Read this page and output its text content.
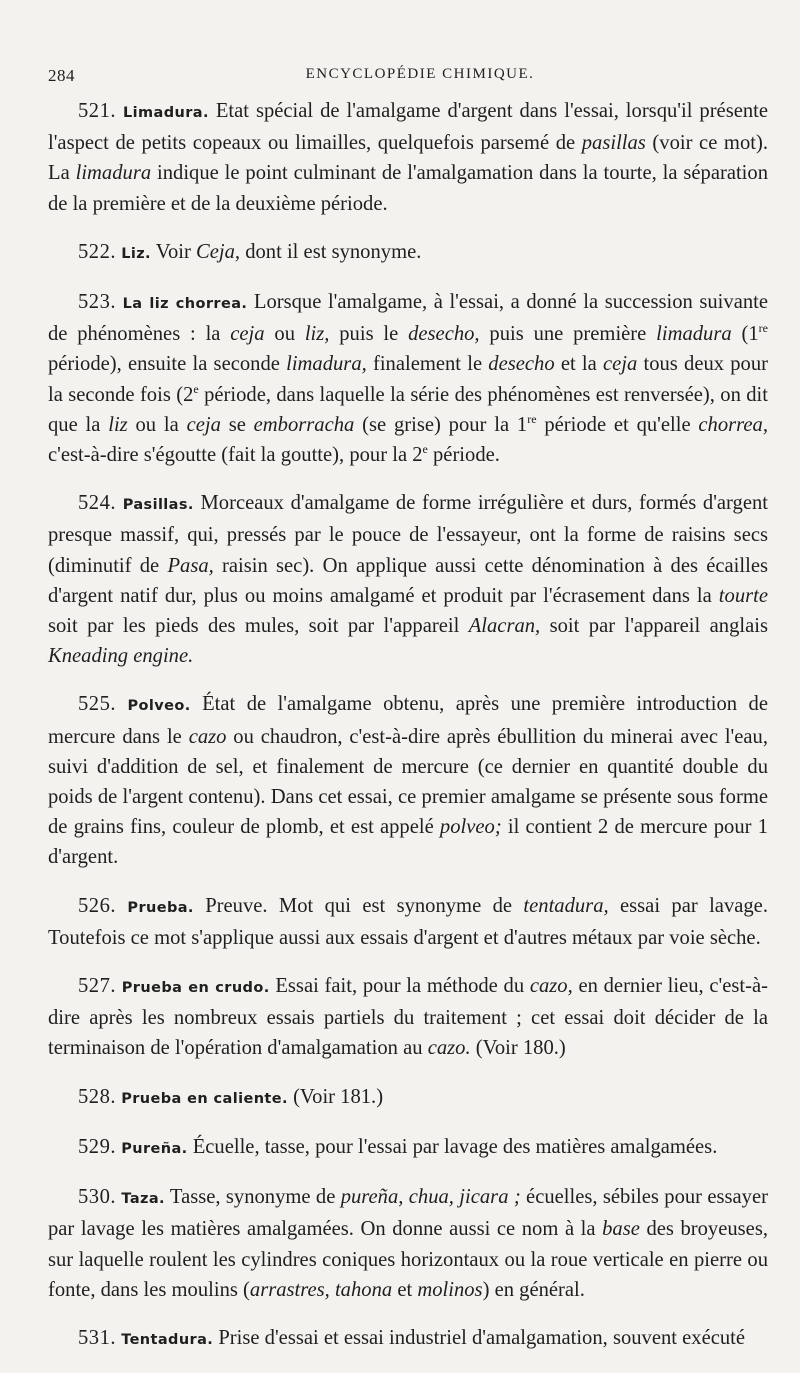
284	ENCYCLOPÉDIE CHIMIQUE.

521. Limadura. Etat spécial de l'amalgame d'argent dans l'essai, lorsqu'il présente l'aspect de petits copeaux ou limailles, quelquefois parsemé de pasillas (voir ce mot). La limadura indique le point culminant de l'amalgamation dans la tourte, la séparation de la première et de la deuxième période.

522. Liz. Voir Ceja, dont il est synonyme.

523. La liz chorrea. Lorsque l'amalgame, à l'essai, a donné la succession suivante de phénomènes : la ceja ou liz, puis le desecho, puis une première limadura (1re période), ensuite la seconde limadura, finalement le desecho et la ceja tous deux pour la seconde fois (2e période, dans laquelle la série des phénomènes est renversée), on dit que la liz ou la ceja se emborracha (se grise) pour la 1re période et qu'elle chorrea, c'est-à-dire s'égoutte (fait la goutte), pour la 2e période.

524. Pasillas. Morceaux d'amalgame de forme irrégulière et durs, formés d'argent presque massif, qui, pressés par le pouce de l'essayeur, ont la forme de raisins secs (diminutif de Pasa, raisin sec). On applique aussi cette dénomination à des écailles d'argent natif dur, plus ou moins amalgamé et produit par l'écrasement dans la tourte soit par les pieds des mules, soit par l'appareil Alacran, soit par l'appareil anglais Kneading engine.

525. Polveo. État de l'amalgame obtenu, après une première introduction de mercure dans le cazo ou chaudron, c'est-à-dire après ébullition du minerai avec l'eau, suivi d'addition de sel, et finalement de mercure (ce dernier en quantité double du poids de l'argent contenu). Dans cet essai, ce premier amalgame se présente sous forme de grains fins, couleur de plomb, et est appelé polveo; il contient 2 de mercure pour 1 d'argent.

526. Prueba. Preuve. Mot qui est synonyme de tentadura, essai par lavage. Toutefois ce mot s'applique aussi aux essais d'argent et d'autres métaux par voie sèche.

527. Prueba en crudo. Essai fait, pour la méthode du cazo, en dernier lieu, c'est-à-dire après les nombreux essais partiels du traitement ; cet essai doit décider de la terminaison de l'opération d'amalgamation au cazo. (Voir 180.)

528. Prueba en caliente. (Voir 181.)

529. Pureña. Écuelle, tasse, pour l'essai par lavage des matières amalgamées.

530. Taza. Tasse, synonyme de pureña, chua, jicara ; écuelles, sébiles pour essayer par lavage les matières amalgamées. On donne aussi ce nom à la base des broyeuses, sur laquelle roulent les cylindres coniques horizontaux ou la roue verticale en pierre ou fonte, dans les moulins (arrastres, tahona et molinos) en général.

531. Tentadura. Prise d'essai et essai industriel d'amalgamation, souvent exécuté
